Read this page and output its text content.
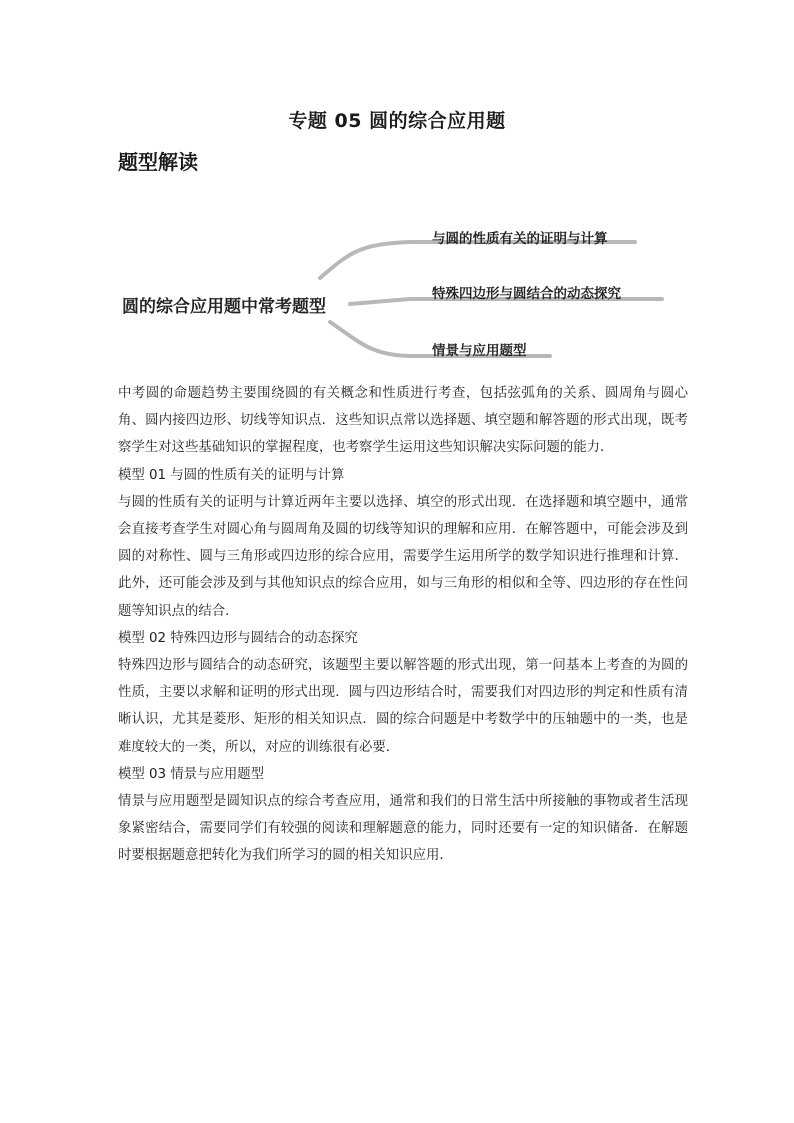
专题 05 圆的综合应用题
题型解读
圆的综合应用题中常考题型
与圆的性质有关的证明与计算
特殊四边形与圆结合的动态探究
情景与应用题型

中考圆的命题趋势主要围绕圆的有关概念和性质进行考查，包括弦弧角的关系、圆周角与圆心角、圆内接四边形、切线等知识点．这些知识点常以选择题、填空题和解答题的形式出现，既考察学生对这些基础知识的掌握程度，也考察学生运用这些知识解决实际问题的能力．

模型 01 与圆的性质有关的证明与计算

与圆的性质有关的证明与计算近两年主要以选择、填空的形式出现．在选择题和填空题中，通常会直接考查学生对圆心角与圆周角及圆的切线等知识的理解和应用．在解答题中，可能会涉及到圆的对称性、圆与三角形或四边形的综合应用，需要学生运用所学的数学知识进行推理和计算．此外，还可能会涉及到与其他知识点的综合应用，如与三角形的相似和全等、四边形的存在性问题等知识点的结合．

模型 02 特殊四边形与圆结合的动态探究

特殊四边形与圆结合的动态研究，该题型主要以解答题的形式出现，第一问基本上考查的为圆的性质，主要以求解和证明的形式出现．圆与四边形结合时，需要我们对四边形的判定和性质有清晰认识，尤其是菱形、矩形的相关知识点．圆的综合问题是中考数学中的压轴题中的一类，也是难度较大的一类，所以，对应的训练很有必要．

模型 03 情景与应用题型

情景与应用题型是圆知识点的综合考查应用，通常和我们的日常生活中所接触的事物或者生活现象紧密结合，需要同学们有较强的阅读和理解题意的能力，同时还要有一定的知识储备．在解题时要根据题意把转化为我们所学习的圆的相关知识应用．
